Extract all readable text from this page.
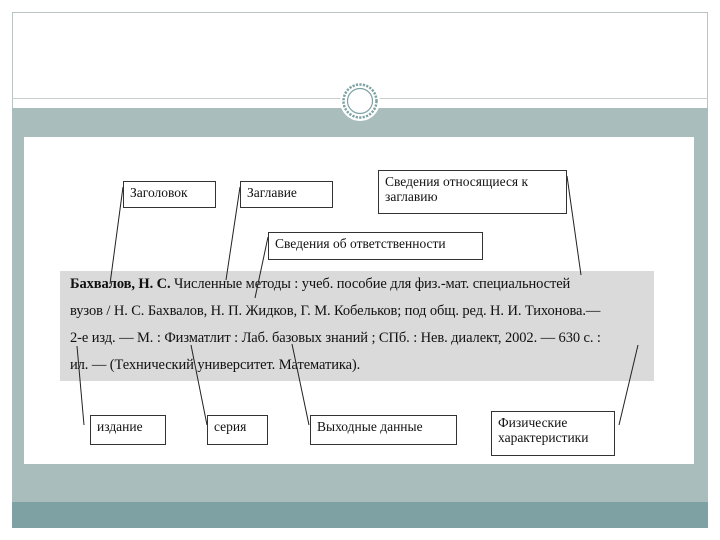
Бахвалов, Н. С. Численные методы : учеб. пособие для физ.-мат. специальностей
вузов / Н. С. Бахвалов, Н. П. Жидков, Г. М. Кобельков; под общ. ред. Н. И. Тихонова.—
2-е изд. — М. : Физматлит : Лаб. базовых знаний ; СПб. : Нев. диалект, 2002. — 630 с. :
ил. — (Технический университет. Математика).
Заголовок	Заглавие
Сведения относящиеся к заглавию
Сведения об ответственности
издание	серия	Выходные данные	Физические характеристики
